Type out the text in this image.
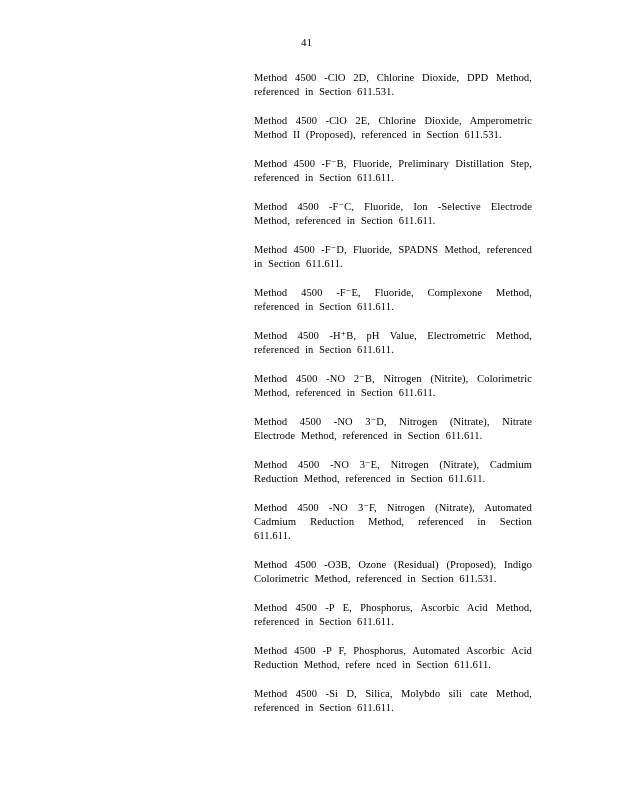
41

Method 4500 -ClO 2D, Chlorine Dioxide, DPD Method, referenced in Section 611.531.

Method 4500 -ClO 2E, Chlorine Dioxide, Amperometric Method II (Proposed), referenced in Section 611.531.

Method 4500 -F⁻B, Fluoride, Preliminary Distillation Step, referenced in Section 611.611.

Method 4500 -F⁻C, Fluoride, Ion -Selective Electrode Method, referenced in Section 611.611.

Method 4500 -F⁻D, Fluoride, SPADNS Method, referenced in Section 611.611.

Method 4500 -F⁻E, Fluoride, Complexone Method, referenced in Section 611.611.

Method 4500 -H⁺B, pH Value, Electrometric Method, referenced in Section 611.611.

Method 4500 -NO 2⁻B, Nitrogen (Nitrite), Colorimetric Method, referenced in Section 611.611.

Method 4500 -NO 3⁻D, Nitrogen (Nitrate), Nitrate Electrode Method, referenced in Section 611.611.

Method 4500 -NO 3⁻E, Nitrogen (Nitrate), Cadmium Reduction Method, referenced in Section 611.611.

Method 4500 -NO 3⁻F, Nitrogen (Nitrate), Automated Cadmium Reduction Method, referenced in Section 611.611.

Method 4500 -O3B, Ozone (Residual) (Proposed), Indigo Colorimetric Method, referenced in Section 611.531.

Method 4500 -P E, Phosphorus, Ascorbic Acid Method, referenced in Section 611.611.

Method 4500 -P F, Phosphorus, Automated Ascorbic Acid Reduction Method, refere nced in Section 611.611.

Method 4500 -Si D, Silica, Molybdo sili cate Method, referenced in Section 611.611.
